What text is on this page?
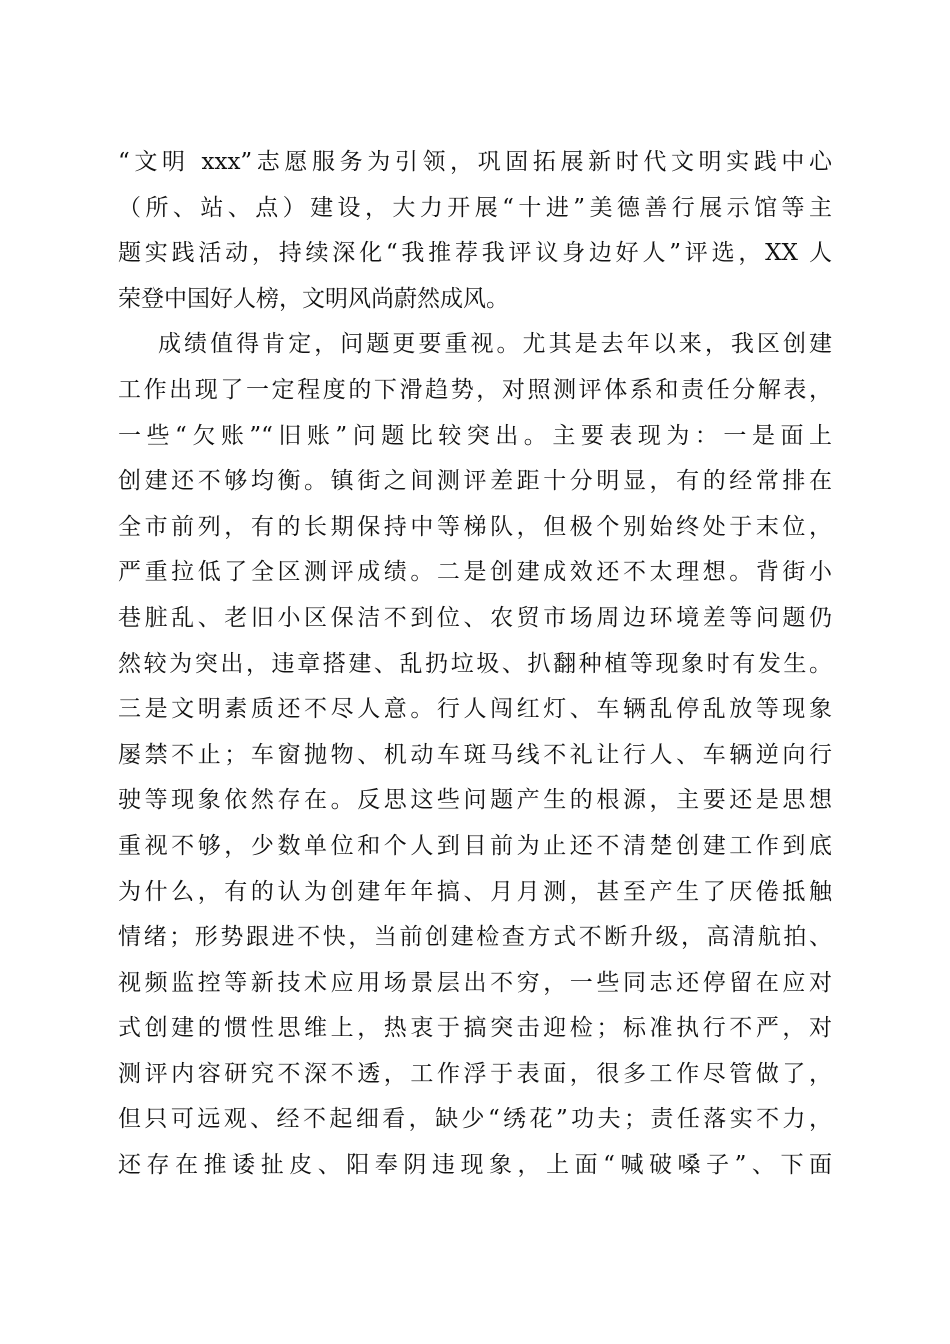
“文明 xxx”志愿服务为引领，巩固拓展新时代文明实践中心
（所、站、点）建设，大力开展“十进”美德善行展示馆等主
题实践活动，持续深化“我推荐我评议身边好人”评选，XX 人
荣登中国好人榜，文明风尚蔚然成风。
成绩值得肯定，问题更要重视。尤其是去年以来，我区创建
工作出现了一定程度的下滑趋势，对照测评体系和责任分解表，
一些“欠账”“旧账”问题比较突出。主要表现为：一是面上
创建还不够均衡。镇街之间测评差距十分明显，有的经常排在
全市前列，有的长期保持中等梯队，但极个别始终处于末位，
严重拉低了全区测评成绩。二是创建成效还不太理想。背街小
巷脏乱、老旧小区保洁不到位、农贸市场周边环境差等问题仍
然较为突出，违章搭建、乱扔垃圾、扒翻种植等现象时有发生。
三是文明素质还不尽人意。行人闯红灯、车辆乱停乱放等现象
屡禁不止；车窗抛物、机动车斑马线不礼让行人、车辆逆向行
驶等现象依然存在。反思这些问题产生的根源，主要还是思想
重视不够，少数单位和个人到目前为止还不清楚创建工作到底
为什么，有的认为创建年年搞、月月测，甚至产生了厌倦抵触
情绪；形势跟进不快，当前创建检查方式不断升级，高清航拍、
视频监控等新技术应用场景层出不穷，一些同志还停留在应对
式创建的惯性思维上，热衷于搞突击迎检；标准执行不严，对
测评内容研究不深不透，工作浮于表面，很多工作尽管做了，
但只可远观、经不起细看，缺少“绣花”功夫；责任落实不力，
还存在推诿扯皮、阳奉阴违现象，上面“喊破嗓子”、下面
